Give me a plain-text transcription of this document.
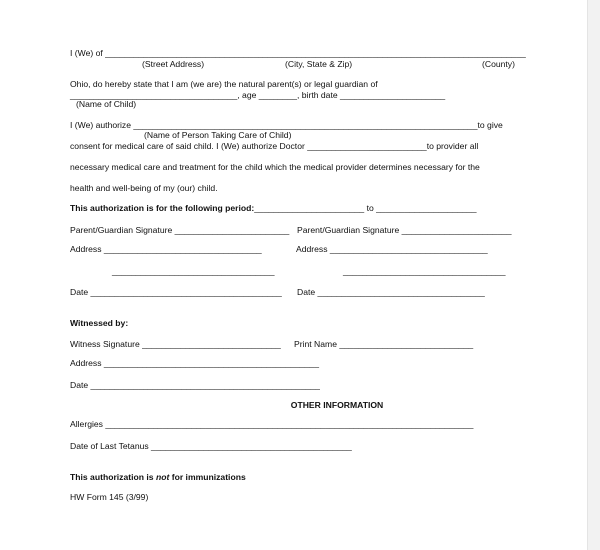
I (We) of ________________________________________________________________________________________
(Street Address)	(City, State & Zip)	(County)
Ohio, do hereby state that I am (we are) the natural parent(s) or legal guardian of
___________________________________, age ________, birth date ______________________
(Name of Child)
I (We) authorize ________________________________________________________________________to give
(Name of Person Taking Care of Child)
consent for medical care of said child. I (We) authorize Doctor _________________________to provider all
necessary medical care and treatment for the child which the medical provider determines necessary for the
health and well-being of my (our) child.
This authorization is for the following period:_______________________ to _____________________
Parent/Guardian Signature ________________________ Parent/Guardian Signature _______________________
Address _________________________________	Address _________________________________
__________________________________	__________________________________
Date ________________________________________ Date ___________________________________
Witnessed by:
Witness Signature _____________________________ Print Name ____________________________
Address _____________________________________________
Date ________________________________________________
OTHER INFORMATION
Allergies _____________________________________________________________________________
Date of Last Tetanus __________________________________________
This authorization is not for immunizations
HW Form 145 (3/99)
